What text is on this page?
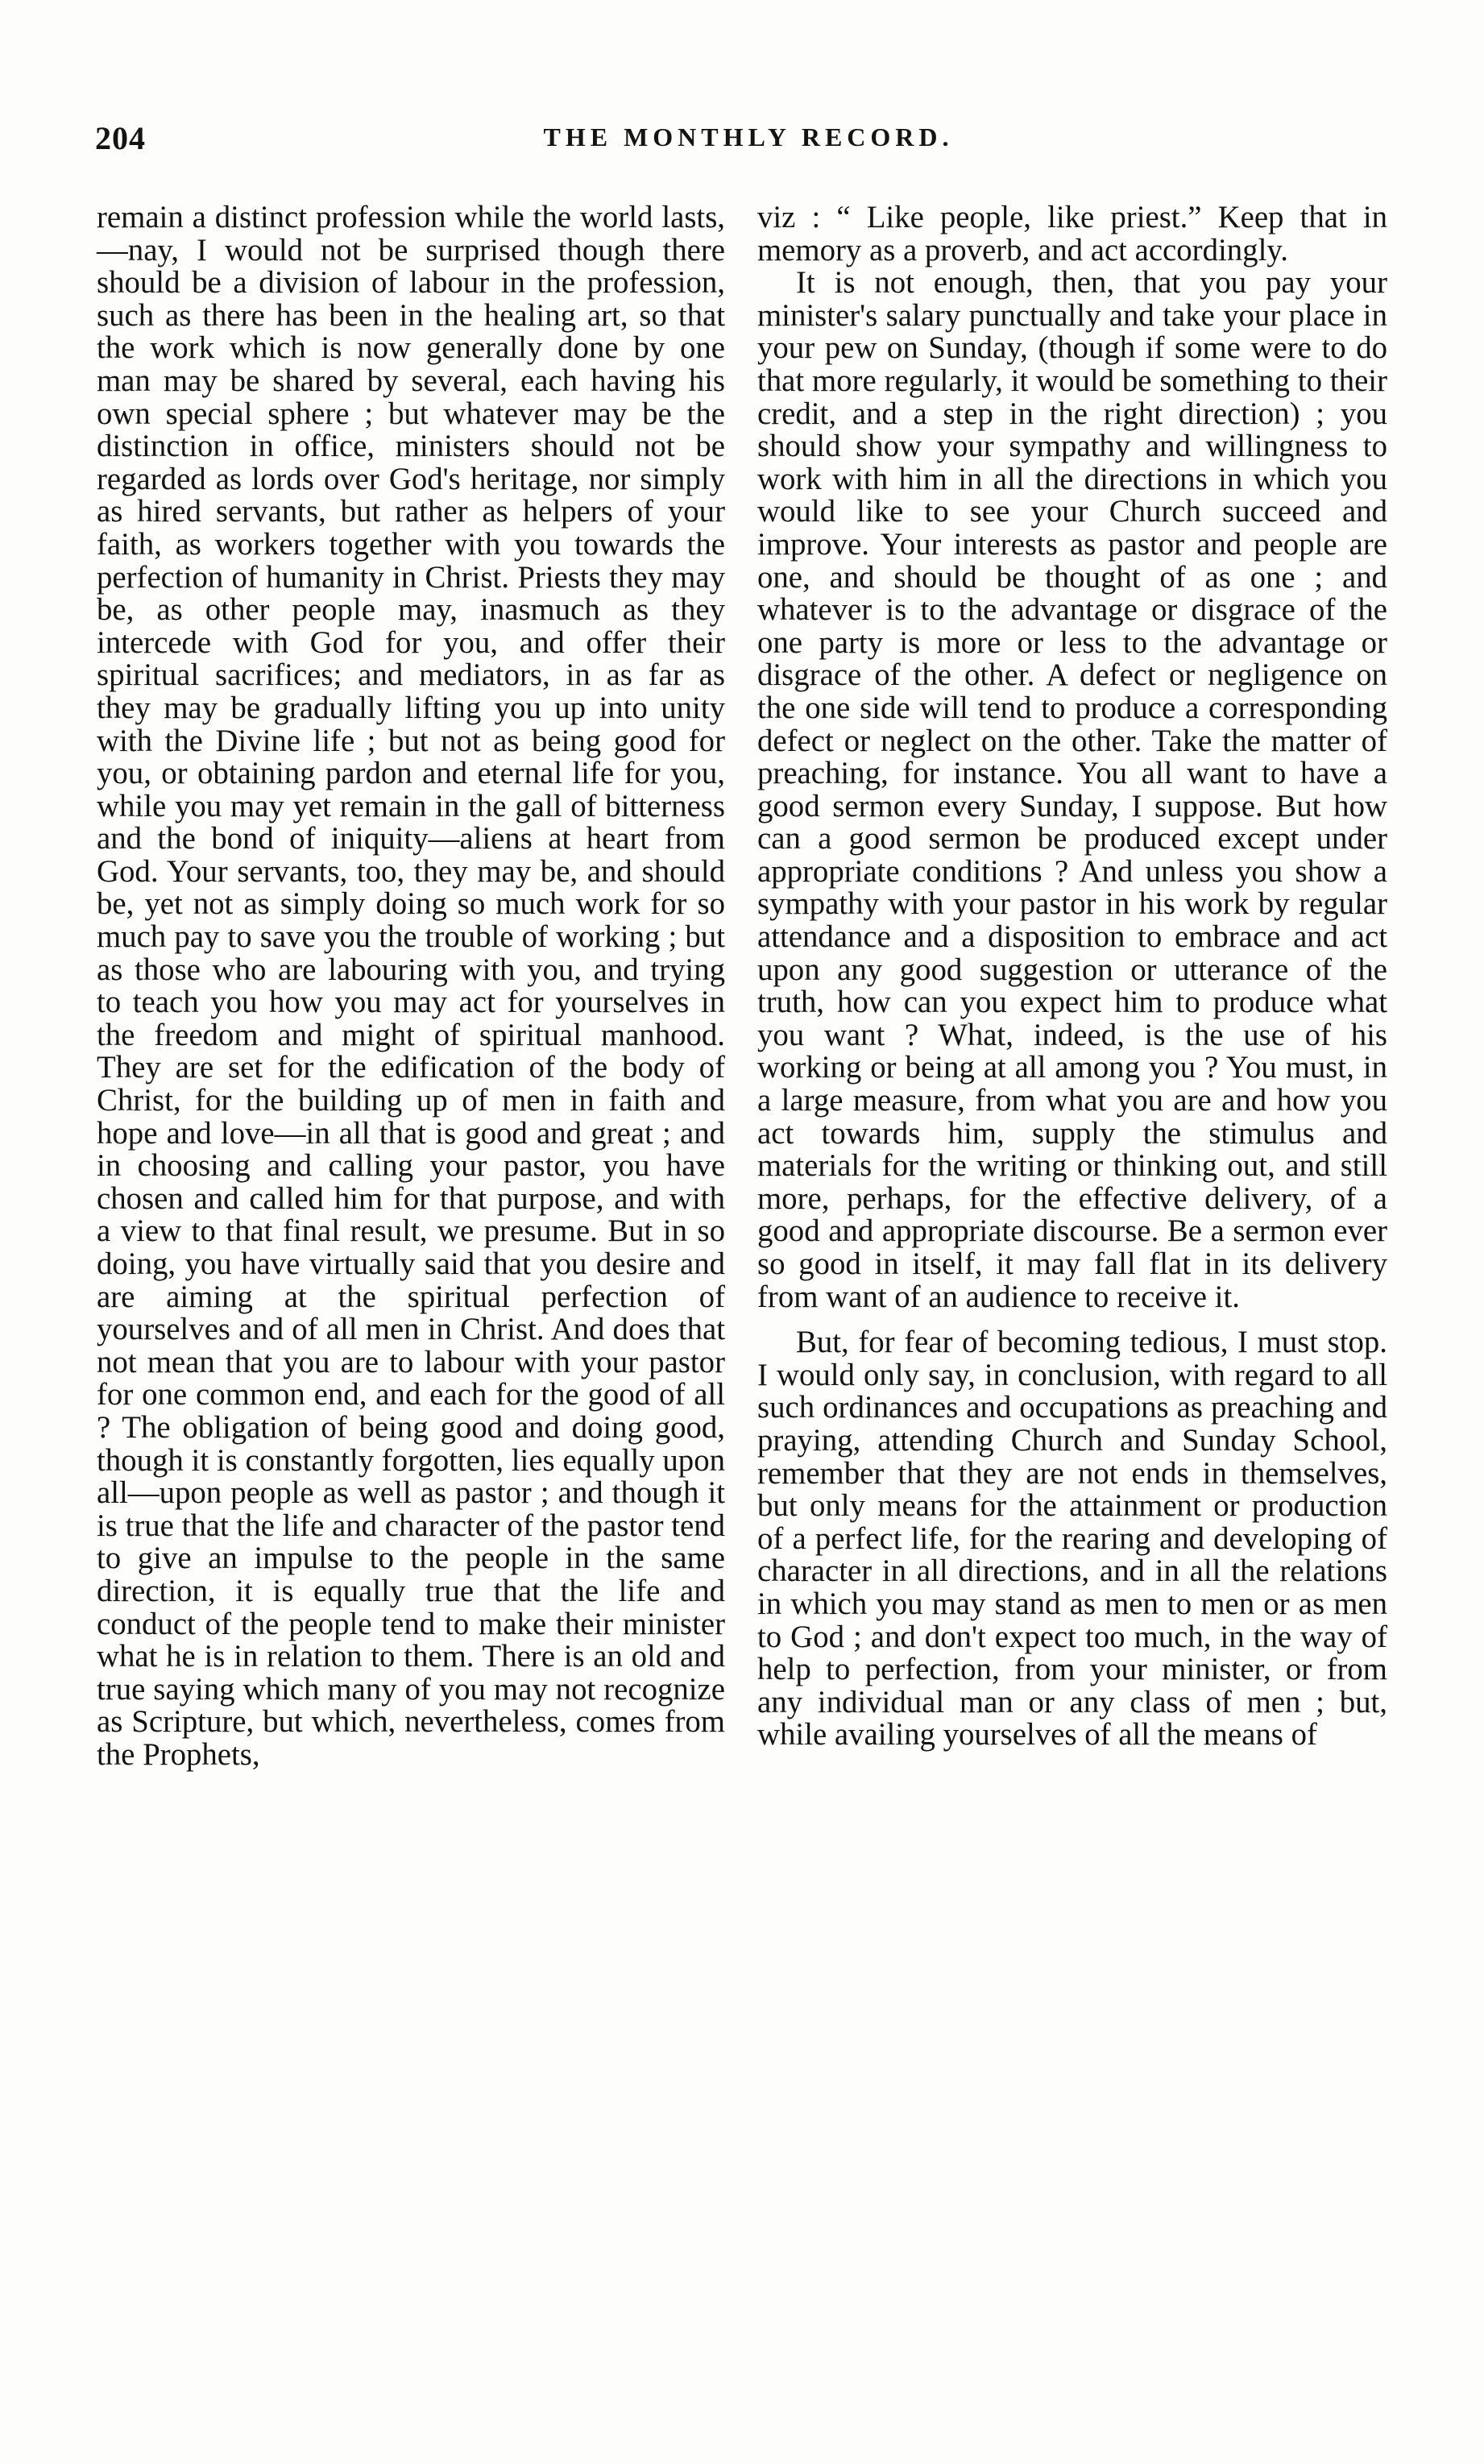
204	THE MONTHLY RECORD.

remain a distinct profession while the world lasts,—nay, I would not be surprised though there should be a division of labour in the profession, such as there has been in the healing art, so that the work which is now generally done by one man may be shared by several, each having his own special sphere ; but whatever may be the distinction in office, ministers should not be regarded as lords over God's heritage, nor simply as hired servants, but rather as helpers of your faith, as workers together with you towards the perfection of humanity in Christ. Priests they may be, as other people may, inasmuch as they intercede with God for you, and offer their spiritual sacrifices; and mediators, in as far as they may be gradually lifting you up into unity with the Divine life ; but not as being good for you, or obtaining pardon and eternal life for you, while you may yet remain in the gall of bitterness and the bond of iniquity—aliens at heart from God. Your servants, too, they may be, and should be, yet not as simply doing so much work for so much pay to save you the trouble of working ; but as those who are labouring with you, and trying to teach you how you may act for yourselves in the freedom and might of spiritual manhood. They are set for the edification of the body of Christ, for the building up of men in faith and hope and love—in all that is good and great ; and in choosing and calling your pastor, you have chosen and called him for that purpose, and with a view to that final result, we presume. But in so doing, you have virtually said that you desire and are aiming at the spiritual perfection of yourselves and of all men in Christ. And does that not mean that you are to labour with your pastor for one common end, and each for the good of all ? The obligation of being good and doing good, though it is constantly forgotten, lies equally upon all—upon people as well as pastor ; and though it is true that the life and character of the pastor tend to give an impulse to the people in the same direction, it is equally true that the life and conduct of the people tend to make their minister what he is in relation to them. There is an old and true saying which many of you may not recognize as Scripture, but which, nevertheless, comes from the Prophets,

viz : “ Like people, like priest.” Keep that in memory as a proverb, and act accordingly.

It is not enough, then, that you pay your minister's salary punctually and take your place in your pew on Sunday, (though if some were to do that more regularly, it would be something to their credit, and a step in the right direction) ; you should show your sympathy and willingness to work with him in all the directions in which you would like to see your Church succeed and improve. Your interests as pastor and people are one, and should be thought of as one ; and whatever is to the advantage or disgrace of the one party is more or less to the advantage or disgrace of the other. A defect or negligence on the one side will tend to produce a corresponding defect or neglect on the other. Take the matter of preaching, for instance. You all want to have a good sermon every Sunday, I suppose. But how can a good sermon be produced except under appropriate conditions ? And unless you show a sympathy with your pastor in his work by regular attendance and a disposition to embrace and act upon any good suggestion or utterance of the truth, how can you expect him to produce what you want ? What, indeed, is the use of his working or being at all among you ? You must, in a large measure, from what you are and how you act towards him, supply the stimulus and materials for the writing or thinking out, and still more, perhaps, for the effective delivery, of a good and appropriate discourse. Be a sermon ever so good in itself, it may fall flat in its delivery from want of an audience to receive it.

But, for fear of becoming tedious, I must stop. I would only say, in conclusion, with regard to all such ordinances and occupations as preaching and praying, attending Church and Sunday School, remember that they are not ends in themselves, but only means for the attainment or production of a perfect life, for the rearing and developing of character in all directions, and in all the relations in which you may stand as men to men or as men to God ; and don't expect too much, in the way of help to perfection, from your minister, or from any individual man or any class of men ; but, while availing yourselves of all the means of
